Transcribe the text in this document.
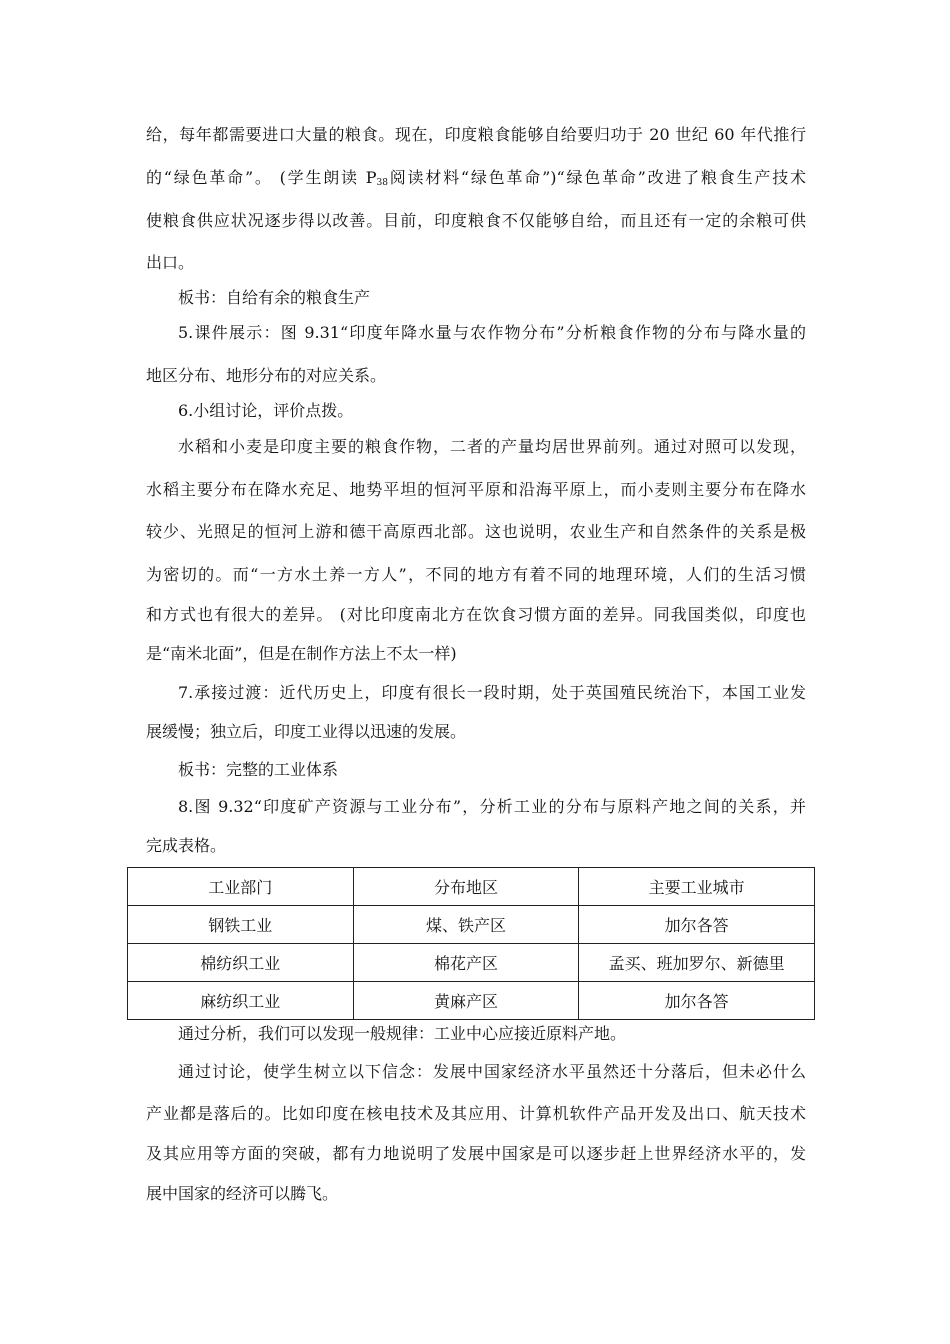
给，每年都需要进口大量的粮食。现在，印度粮食能够自给要归功于 20 世纪 60 年代推行
的“绿色革命”。 (学生朗读 $P_{38}$阅读材料“绿色革命”)“绿色革命”改进了粮食生产技术
使粮食供应状况逐步得以改善。目前，印度粮食不仅能够自给，而且还有一定的余粮可供
出口。
板书：自给有余的粮食生产
5.课件展示：图 9.31“印度年降水量与农作物分布”分析粮食作物的分布与降水量的
地区分布、地形分布的对应关系。
6.小组讨论，评价点拨。
水稻和小麦是印度主要的粮食作物，二者的产量均居世界前列。通过对照可以发现，
水稻主要分布在降水充足、地势平坦的恒河平原和沿海平原上，而小麦则主要分布在降水
较少、光照足的恒河上游和德干高原西北部。这也说明，农业生产和自然条件的关系是极
为密切的。而“一方水土养一方人”，不同的地方有着不同的地理环境，人们的生活习惯
和方式也有很大的差异。 (对比印度南北方在饮食习惯方面的差异。同我国类似，印度也
是“南米北面”，但是在制作方法上不太一样)
7.承接过渡：近代历史上，印度有很长一段时期，处于英国殖民统治下，本国工业发
展缓慢；独立后，印度工业得以迅速的发展。
板书：完整的工业体系
8.图 9.32“印度矿产资源与工业分布”，分析工业的分布与原料产地之间的关系，并
完成表格。
工业部门	分布地区	主要工业城市
钢铁工业	煤、铁产区	加尔各答
棉纺织工业	棉花产区	孟买、班加罗尔、新德里
麻纺织工业	黄麻产区	加尔各答
通过分析，我们可以发现一般规律：工业中心应接近原料产地。
通过讨论，使学生树立以下信念：发展中国家经济水平虽然还十分落后，但未必什么
产业都是落后的。比如印度在核电技术及其应用、计算机软件产品开发及出口、航天技术
及其应用等方面的突破，都有力地说明了发展中国家是可以逐步赶上世界经济水平的，发
展中国家的经济可以腾飞。
